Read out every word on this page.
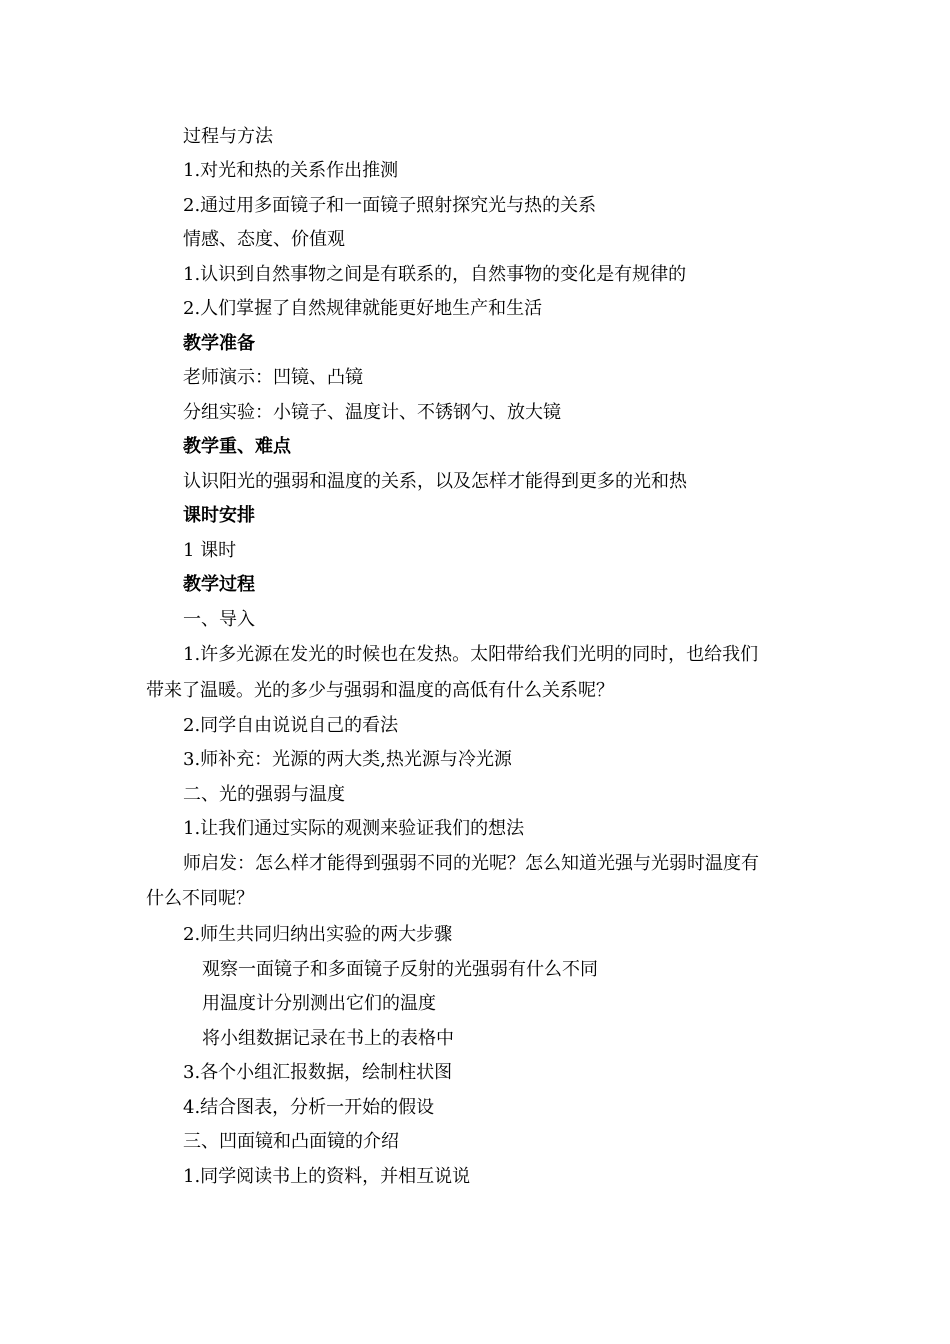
过程与方法
1.对光和热的关系作出推测
2.通过用多面镜子和一面镜子照射探究光与热的关系
情感、态度、价值观
1.认识到自然事物之间是有联系的，自然事物的变化是有规律的
2.人们掌握了自然规律就能更好地生产和生活
教学准备
老师演示：凹镜、凸镜
分组实验：小镜子、温度计、不锈钢勺、放大镜
教学重、难点
认识阳光的强弱和温度的关系，以及怎样才能得到更多的光和热
课时安排
1 课时
教学过程
一、导入
1.许多光源在发光的时候也在发热。太阳带给我们光明的同时，也给我们
带来了温暖。光的多少与强弱和温度的高低有什么关系呢？
2.同学自由说说自己的看法
3.师补充：光源的两大类,热光源与冷光源
二、光的强弱与温度
1.让我们通过实际的观测来验证我们的想法
师启发：怎么样才能得到强弱不同的光呢？怎么知道光强与光弱时温度有
什么不同呢？
2.师生共同归纳出实验的两大步骤
观察一面镜子和多面镜子反射的光强弱有什么不同
用温度计分别测出它们的温度
将小组数据记录在书上的表格中
3.各个小组汇报数据，绘制柱状图
4.结合图表，分析一开始的假设
三、凹面镜和凸面镜的介绍
1.同学阅读书上的资料，并相互说说
